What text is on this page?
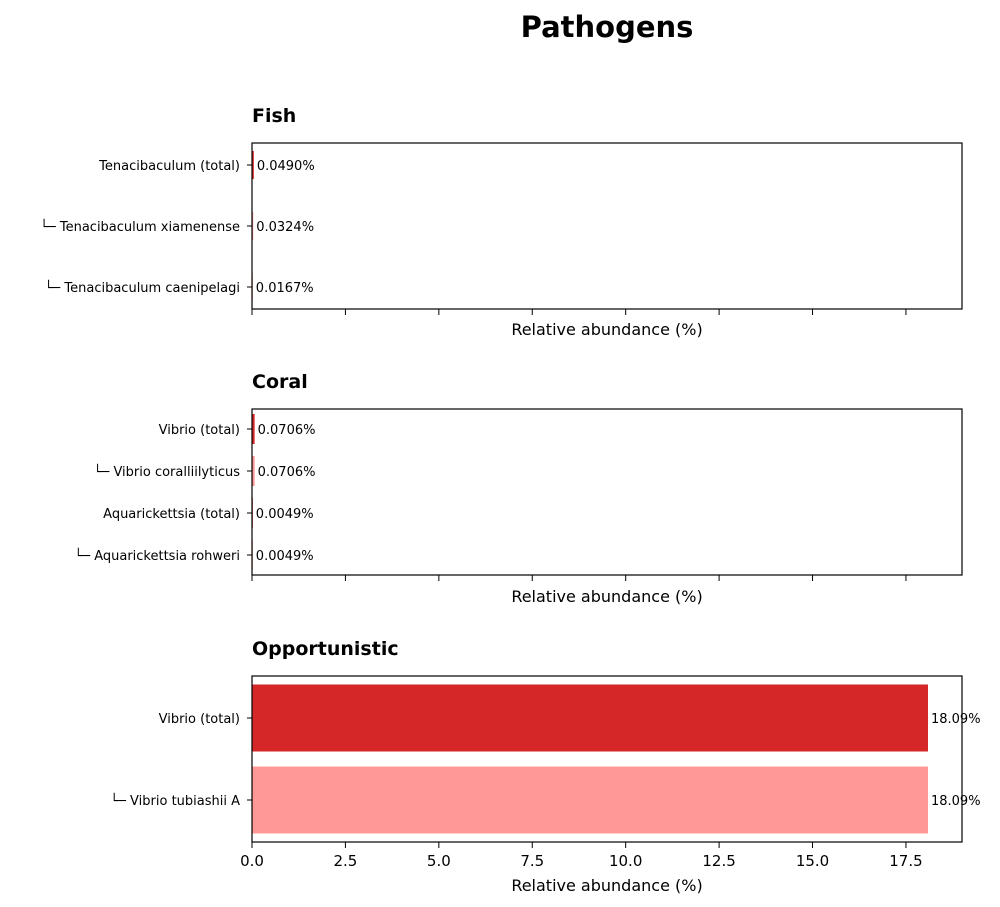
Pathogens
Fish
Tenacibaculum (total) 0.0490%
└─ Tenacibaculum xiamenense 0.0324%
└─ Tenacibaculum caenipelagi 0.0167%
Relative abundance (%)
Coral
Vibrio (total) 0.0706%
└─ Vibrio coralliilyticus 0.0706%
Aquarickettsia (total) 0.0049%
└─ Aquarickettsia rohweri 0.0049%
Relative abundance (%)
Opportunistic
Vibrio (total)	18.09%
└─ Vibrio tubiashii A	18.09%
0.0	2.5	5.0	7.5	10.0	12.5	15.0	17.5
Relative abundance (%)
